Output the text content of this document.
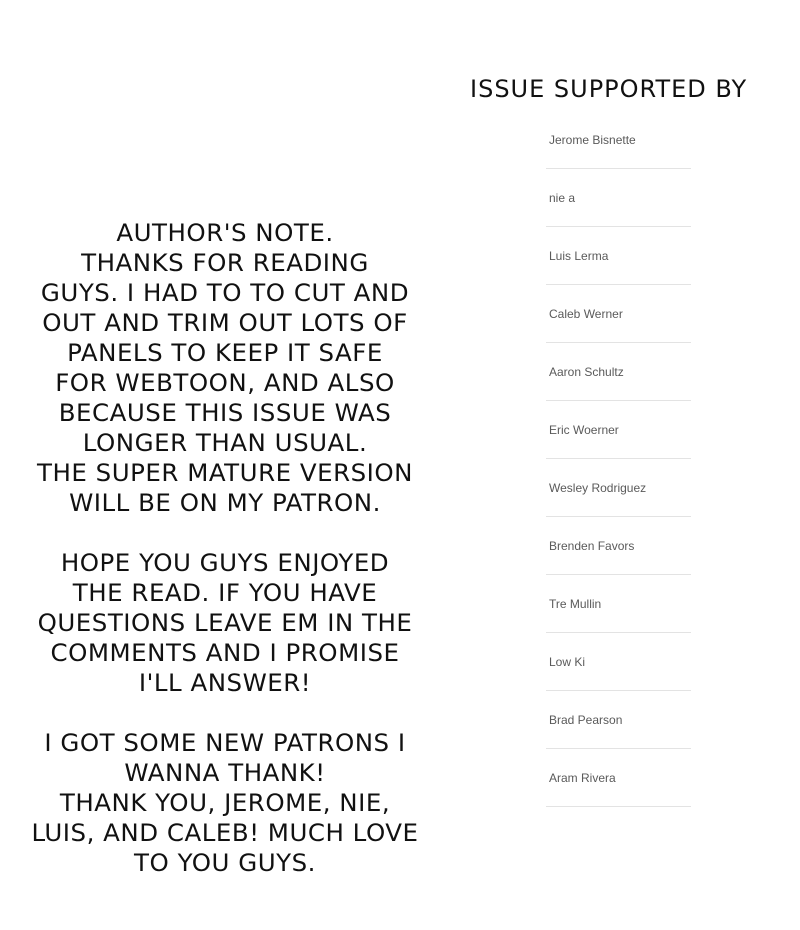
AUTHOR'S NOTE.
THANKS FOR READING
GUYS. I HAD TO TO CUT AND
OUT AND TRIM OUT LOTS OF
PANELS TO KEEP IT SAFE
FOR WEBTOON, AND ALSO
BECAUSE THIS ISSUE WAS
LONGER THAN USUAL.
THE SUPER MATURE VERSION
WILL BE ON MY PATRON.
HOPE YOU GUYS ENJOYED
THE READ. IF YOU HAVE
QUESTIONS LEAVE EM IN THE
COMMENTS AND I PROMISE
I'LL ANSWER!
I GOT SOME NEW PATRONS I
WANNA THANK!
THANK YOU, JEROME, NIE,
LUIS, AND CALEB! MUCH LOVE
TO YOU GUYS.
ISSUE SUPPORTED BY
Jerome Bisnette
nie a
Luis Lerma
Caleb Werner
Aaron Schultz
Eric Woerner
Wesley Rodriguez
Brenden Favors
Tre Mullin
Low Ki
Brad Pearson
Aram Rivera
